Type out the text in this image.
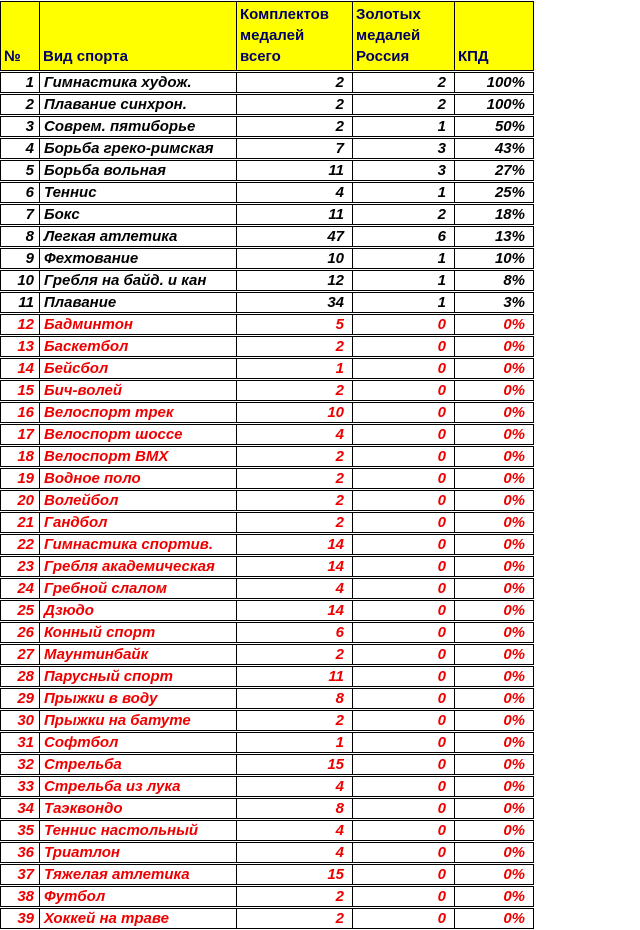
№	Вид спорта	Комплектов медалей всего	Золотых медалей Россия	КПД
1	Гимнастика худож.	2	2	100%
2	Плавание синхрон.	2	2	100%
3	Соврем. пятиборье	2	1	50%
4	Борьба греко-римская	7	3	43%
5	Борьба вольная	11	3	27%
6	Теннис	4	1	25%
7	Бокс	11	2	18%
8	Легкая атлетика	47	6	13%
9	Фехтование	10	1	10%
10	Гребля на байд. и кан	12	1	8%
11	Плавание	34	1	3%
12	Бадминтон	5	0	0%
13	Баскетбол	2	0	0%
14	Бейсбол	1	0	0%
15	Бич-волей	2	0	0%
16	Велоспорт трек	10	0	0%
17	Велоспорт шоссе	4	0	0%
18	Велоспорт ВМХ	2	0	0%
19	Водное поло	2	0	0%
20	Волейбол	2	0	0%
21	Гандбол	2	0	0%
22	Гимнастика спортив.	14	0	0%
23	Гребля академическая	14	0	0%
24	Гребной слалом	4	0	0%
25	Дзюдо	14	0	0%
26	Конный спорт	6	0	0%
27	Маунтинбайк	2	0	0%
28	Парусный спорт	11	0	0%
29	Прыжки в воду	8	0	0%
30	Прыжки на батуте	2	0	0%
31	Софтбол	1	0	0%
32	Стрельба	15	0	0%
33	Стрельба из лука	4	0	0%
34	Таэквондо	8	0	0%
35	Теннис настольный	4	0	0%
36	Триатлон	4	0	0%
37	Тяжелая атлетика	15	0	0%
38	Футбол	2	0	0%
39	Хоккей на траве	2	0	0%
